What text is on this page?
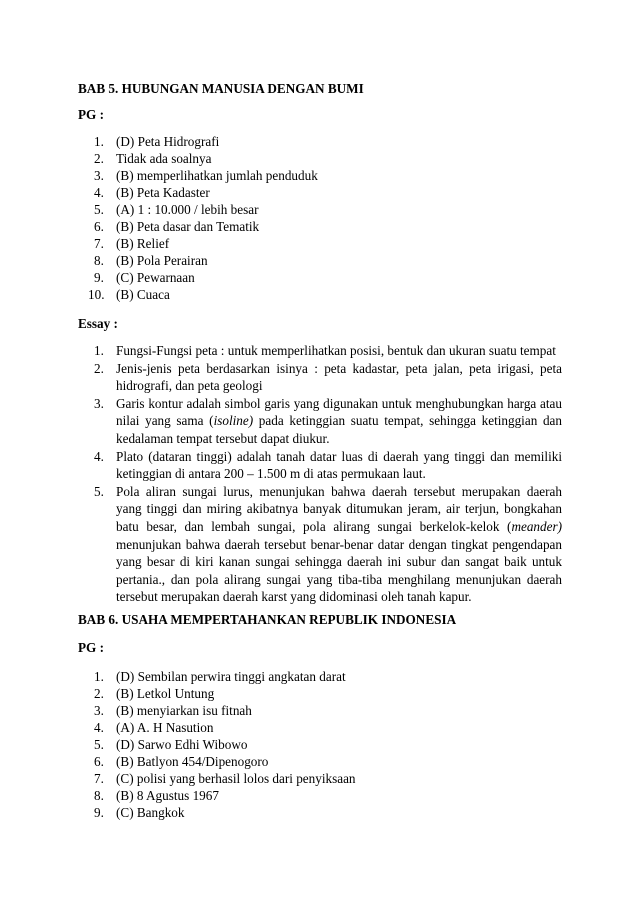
BAB 5. HUBUNGAN MANUSIA DENGAN BUMI
PG :
1. (D) Peta Hidrografi
2. Tidak ada soalnya
3. (B) memperlihatkan jumlah penduduk
4. (B) Peta Kadaster
5. (A) 1 : 10.000 / lebih besar
6. (B) Peta dasar dan Tematik
7. (B) Relief
8. (B) Pola Perairan
9. (C) Pewarnaan
10. (B) Cuaca
Essay :
1. Fungsi-Fungsi peta : untuk memperlihatkan posisi, bentuk dan ukuran suatu tempat
2. Jenis-jenis peta berdasarkan isinya : peta kadastar, peta jalan, peta irigasi, peta hidrografi, dan peta geologi
3. Garis kontur adalah simbol garis yang digunakan untuk menghubungkan harga atau nilai yang sama (isoline) pada ketinggian suatu tempat, sehingga ketinggian dan kedalaman tempat tersebut dapat diukur.
4. Plato (dataran tinggi) adalah tanah datar luas di daerah yang tinggi dan memiliki ketinggian di antara 200 – 1.500 m di atas permukaan laut.
5. Pola aliran sungai lurus, menunjukan bahwa daerah tersebut merupakan daerah yang tinggi dan miring akibatnya banyak ditumukan jeram, air terjun, bongkahan batu besar, dan lembah sungai, pola alirang sungai berkelok-kelok (meander) menunjukan bahwa daerah tersebut benar-benar datar dengan tingkat pengendapan yang besar di kiri kanan sungai sehingga daerah ini subur dan sangat baik untuk pertania., dan pola alirang sungai yang tiba-tiba menghilang menunjukan daerah tersebut merupakan daerah karst yang didominasi oleh tanah kapur.
BAB 6. USAHA MEMPERTAHANKAN REPUBLIK INDONESIA
PG :
1. (D) Sembilan perwira tinggi angkatan darat
2. (B) Letkol Untung
3. (B) menyiarkan isu fitnah
4. (A) A. H Nasution
5. (D) Sarwo Edhi Wibowo
6. (B) Batlyon 454/Dipenogoro
7. (C) polisi yang berhasil lolos dari penyiksaan
8. (B) 8 Agustus 1967
9. (C) Bangkok
